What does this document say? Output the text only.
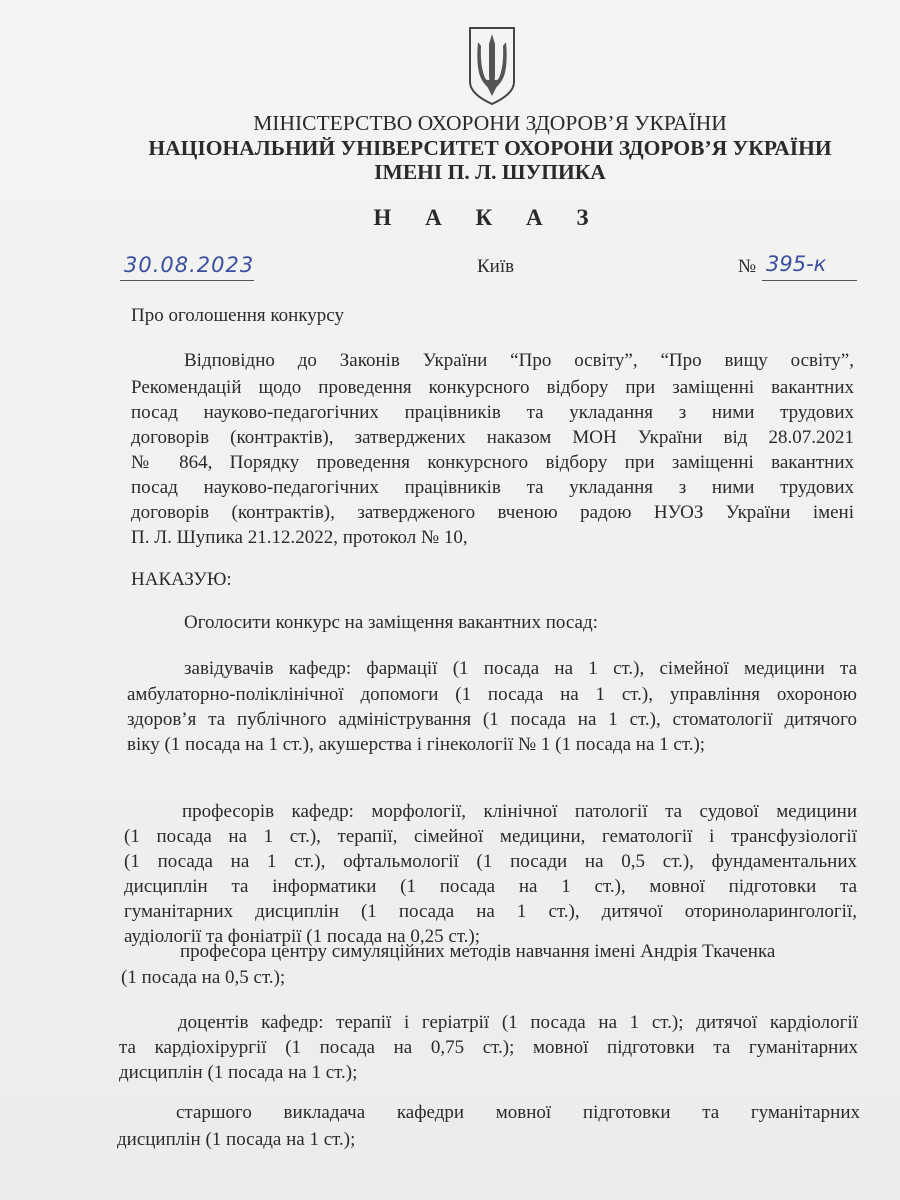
МІНІСТЕРСТВО ОХОРОНИ ЗДОРОВ’Я УКРАЇНИ
НАЦІОНАЛЬНИЙ УНІВЕРСИТЕТ ОХОРОНИ ЗДОРОВ’Я УКРАЇНИ
ІМЕНІ П. Л. ШУПИКА
Н А К А З
30.08.2023	Київ	№ 395-к
Про оголошення конкурсу
Відповідно до Законів України “Про освіту”, “Про вищу освіту”,
Рекомендацій щодо проведення конкурсного відбору при заміщенні вакантних
посад науково-педагогічних працівників та укладання з ними трудових
договорів (контрактів), затверджених наказом МОН України від 28.07.2021
№ 864, Порядку проведення конкурсного відбору при заміщенні вакантних
посад науково-педагогічних працівників та укладання з ними трудових
договорів (контрактів), затвердженого вченою радою НУОЗ України імені
П. Л. Шупика 21.12.2022, протокол № 10,
НАКАЗУЮ:
Оголосити конкурс на заміщення вакантних посад:
завідувачів кафедр: фармації (1 посада на 1 ст.), сімейної медицини та
амбулаторно-поліклінічної допомоги (1 посада на 1 ст.), управління охороною
здоров’я та публічного адміністрування (1 посада на 1 ст.), стоматології дитячого
віку (1 посада на 1 ст.), акушерства і гінекології № 1 (1 посада на 1 ст.);
професорів кафедр: морфології, клінічної патології та судової медицини
(1 посада на 1 ст.), терапії, сімейної медицини, гематології і трансфузіології
(1 посада на 1 ст.), офтальмології (1 посади на 0,5 ст.), фундаментальних
дисциплін та інформатики (1 посада на 1 ст.), мовної підготовки та
гуманітарних дисциплін (1 посада на 1 ст.), дитячої оториноларингології,
аудіології та фоніатрії (1 посада на 0,25 ст.);
професора центру симуляційних методів навчання імені Андрія Ткаченка
(1 посада на 0,5 ст.);
доцентів кафедр: терапії і геріатрії (1 посада на 1 ст.); дитячої кардіології
та кардіохірургії (1 посада на 0,75 ст.); мовної підготовки та гуманітарних
дисциплін (1 посада на 1 ст.);
старшого викладача кафедри мовної підготовки та гуманітарних
дисциплін (1 посада на 1 ст.);
